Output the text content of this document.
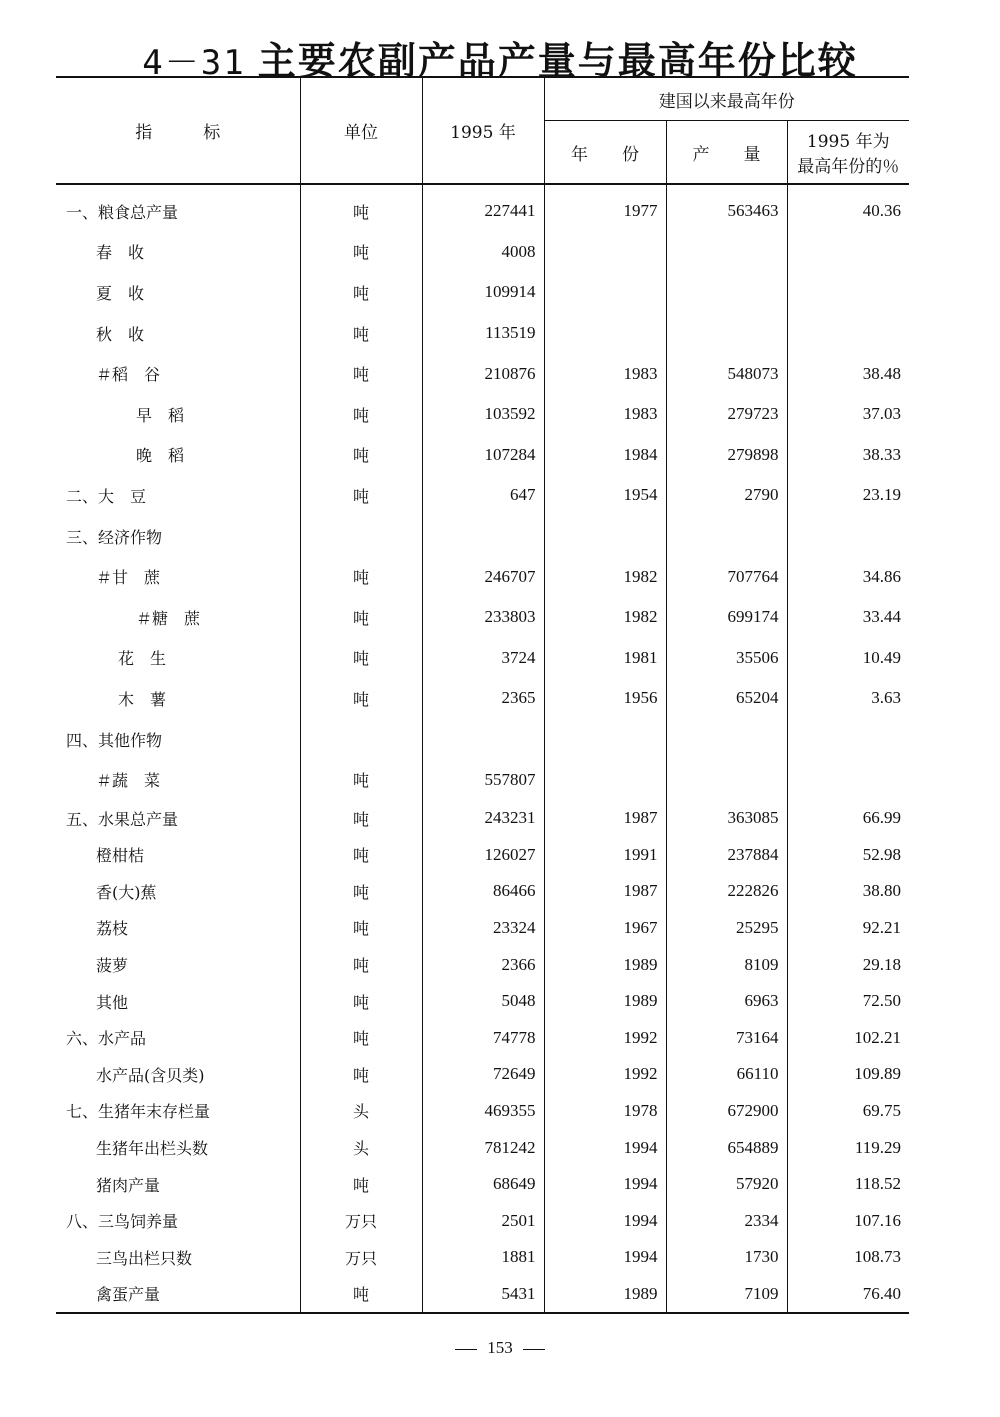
4－31 主要农副产品产量与最高年份比较
指　　　标	单位	1995 年	建国以来最高年份		
			年　　份	产　　量	1995 年为
最高年份的％

一、粮食总产量	吨	227441	1977	563463	40.36
春　收	吨	4008			
夏　收	吨	109914			
秋　收	吨	113519			
＃稻　谷	吨	210876	1983	548073	38.48
早　稻	吨	103592	1983	279723	37.03
晚　稻	吨	107284	1984	279898	38.33
二、大　豆	吨	647	1954	2790	23.19
三、经济作物					
＃甘　蔗	吨	246707	1982	707764	34.86
＃糖　蔗	吨	233803	1982	699174	33.44
花　生	吨	3724	1981	35506	10.49
木　薯	吨	2365	1956	65204	3.63
四、其他作物					
＃蔬　菜	吨	557807			
五、水果总产量	吨	243231	1987	363085	66.99
橙柑桔	吨	126027	1991	237884	52.98
香(大)蕉	吨	86466	1987	222826	38.80
荔枝	吨	23324	1967	25295	92.21
菠萝	吨	2366	1989	8109	29.18
其他	吨	5048	1989	6963	72.50
六、水产品	吨	74778	1992	73164	102.21
水产品(含贝类)	吨	72649	1992	66110	109.89
七、生猪年末存栏量	头	469355	1978	672900	69.75
生猪年出栏头数	头	781242	1994	654889	119.29
猪肉产量	吨	68649	1994	57920	118.52
八、三鸟饲养量	万只	2501	1994	2334	107.16
三鸟出栏只数	万只	1881	1994	1730	108.73
禽蛋产量	吨	5431	1989	7109	76.40
153
